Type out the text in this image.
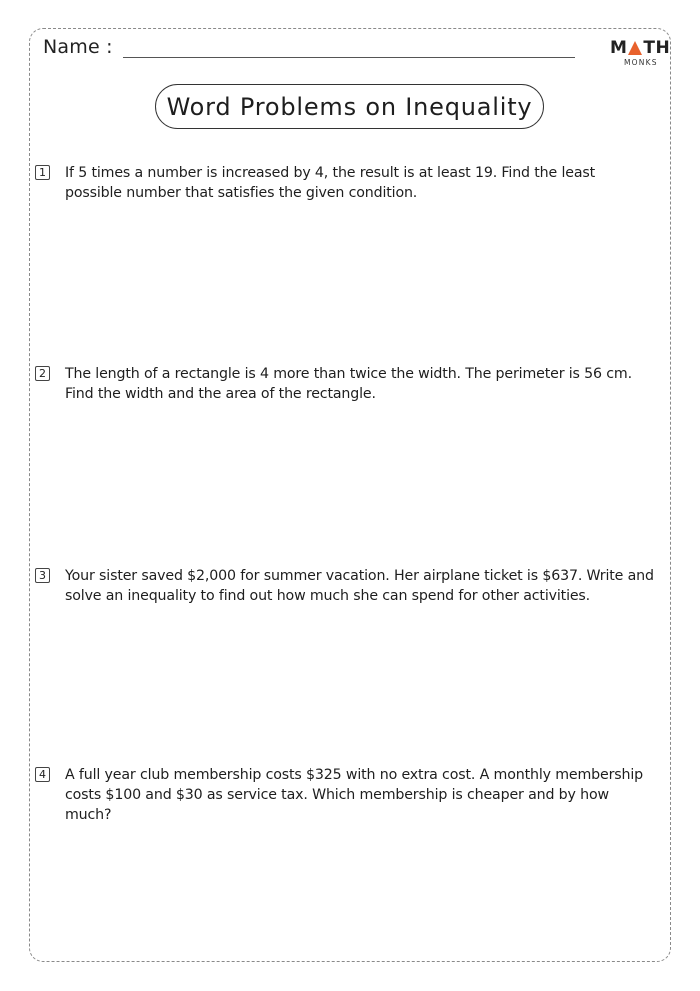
Name :	M TH
MONKS
Word Problems on Inequality
1 If 5 times a number is increased by 4, the result is at least 19. Find the least possible number that satisfies the given condition.
2 The length of a rectangle is 4 more than twice the width. The perimeter is 56 cm. Find the width and the area of the rectangle.
3 Your sister saved $2,000 for summer vacation. Her airplane ticket is $637. Write and solve an inequality to find out how much she can spend for other activities.
4 A full year club membership costs $325 with no extra cost. A monthly membership costs $100 and $30 as service tax. Which membership is cheaper and by how much?
